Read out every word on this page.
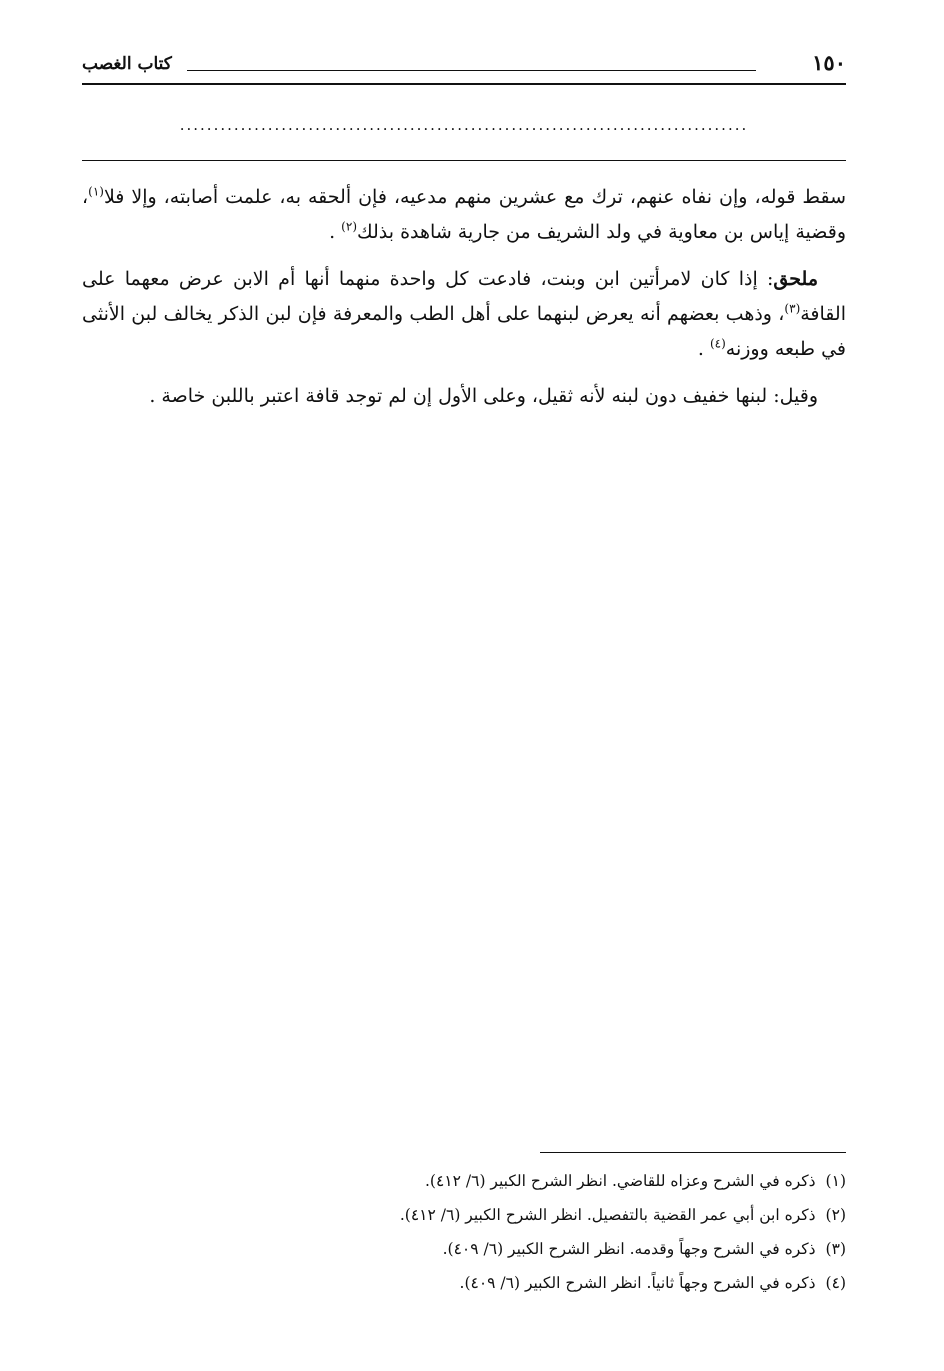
كتاب الغصب	١٥٠
....................................................................................

سقط قوله، وإن نفاه عنهم، ترك مع عشرين منهم مدعيه، فإن ألحقه به، علمت أصابته، وإلا فلا$^{(١)}$، وقضية إياس بن معاوية في ولد الشريف من جارية شاهدة بذلك$^{(٢)}$ .

ملحق: إذا كان لامرأتين ابن وبنت، فادعت كل واحدة منهما أنها أم الابن عرض معهما على القافة$^{(٣)}$، وذهب بعضهم أنه يعرض لبنهما على أهل الطب والمعرفة فإن لبن الذكر يخالف لبن الأنثى في طبعه ووزنه$^{(٤)}$ .

وقيل: لبنها خفيف دون لبنه لأنه ثقيل، وعلى الأول إن لم توجد قافة اعتبر باللبن خاصة .

(١)ذكره في الشرح وعزاه للقاضي. انظر الشرح الكبير (٦/ ٤١٢).
(٢)ذكره ابن أبي عمر القضية بالتفصيل. انظر الشرح الكبير (٦/ ٤١٢).
(٣)ذكره في الشرح وجهاً وقدمه. انظر الشرح الكبير (٦/ ٤٠٩).
(٤)ذكره في الشرح وجهاً ثانياً. انظر الشرح الكبير (٦/ ٤٠٩).
